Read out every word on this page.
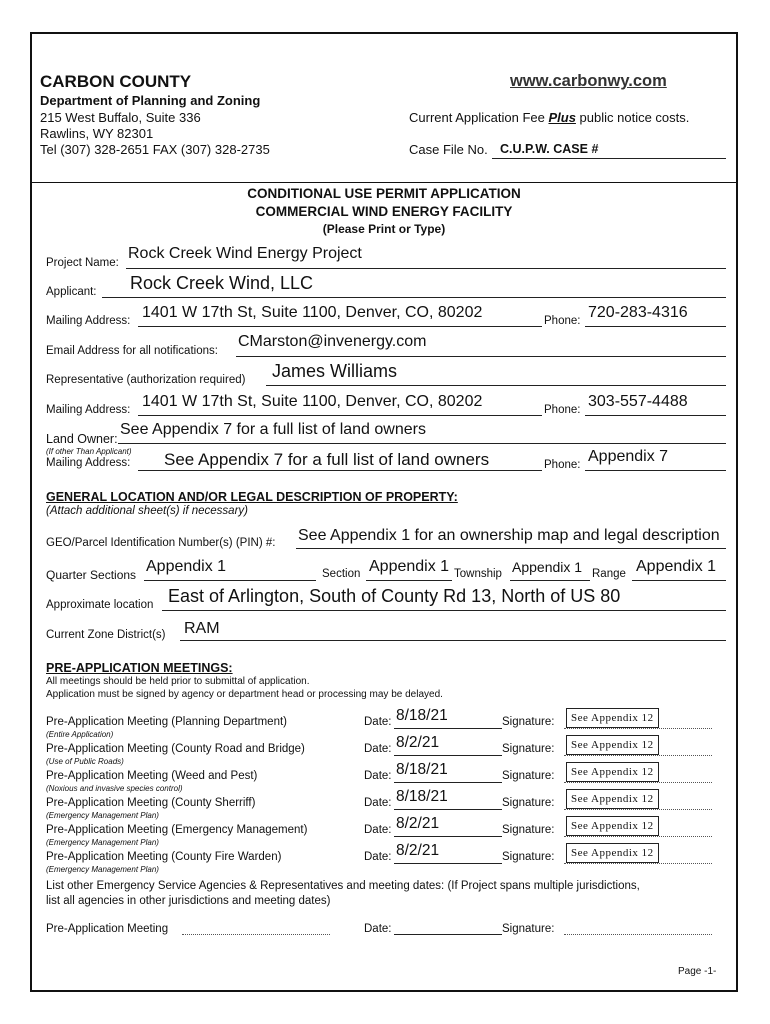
CARBON COUNTY	www.carbonwy.com
Department of Planning and Zoning
215 West Buffalo, Suite 336
Rawlins, WY 82301
Tel (307) 328-2651 FAX (307) 328-2735
Current Application Fee Plus public notice costs.
Case File No. C.U.P.W. CASE #
CONDITIONAL USE PERMIT APPLICATION
COMMERCIAL WIND ENERGY FACILITY
(Please Print or Type)
Project Name:
Rock Creek Wind Energy Project
Applicant: Rock Creek Wind, LLC
Mailing Address: 1401 W 17th St, Suite 1100, Denver, CO, 80202	Phone: 720-283-4316
Email Address for all notifications:
CMarston@invenergy.com
Representative (authorization required) James Williams
Mailing Address: 1401 W 17th St, Suite 1100, Denver, CO, 80202	Phone: 303-557-4488
Land Owner:
See Appendix 7 for a full list of land owners
(If other Than Applicant)
Mailing Address: See Appendix 7 for a full list of land owners	Phone: Appendix 7
GENERAL LOCATION AND/OR LEGAL DESCRIPTION OF PROPERTY:
(Attach additional sheet(s) if necessary)
GEO/Parcel Identification Number(s) (PIN) #: See Appendix 1 for an ownership map and legal description
Quarter Sections Appendix 1	Section Appendix 1 Township Appendix 1 Range Appendix 1
Approximate location East of Arlington, South of County Rd 13, North of US 80
Current Zone District(s) RAM
PRE-APPLICATION MEETINGS:
All meetings should be held prior to submittal of application.
Application must be signed by agency or department head or processing may be delayed.
Pre-Application Meeting (Planning Department)
(Entire Application)
Date: 8/18/21	Signature:	See Appendix 12
Pre-Application Meeting (County Road and Bridge)
(Use of Public Roads)
Date: 8/2/21	Signature:	See Appendix 12
Pre-Application Meeting (Weed and Pest)
(Noxious and invasive species control)
Date: 8/18/21	Signature:	See Appendix 12
Pre-Application Meeting (County Sherriff)
(Emergency Management Plan)
Date: 8/18/21	Signature:	See Appendix 12
Pre-Application Meeting (Emergency Management)
(Emergency Management Plan)
Date: 8/2/21	Signature:	See Appendix 12
Pre-Application Meeting (County Fire Warden)
(Emergency Management Plan)
Date: 8/2/21	Signature:	See Appendix 12
List other Emergency Service Agencies & Representatives and meeting dates: (If Project spans multiple jurisdictions,
list all agencies in other jurisdictions and meeting dates)
Pre-Application Meeting	Date:	Signature:
Page -1-
